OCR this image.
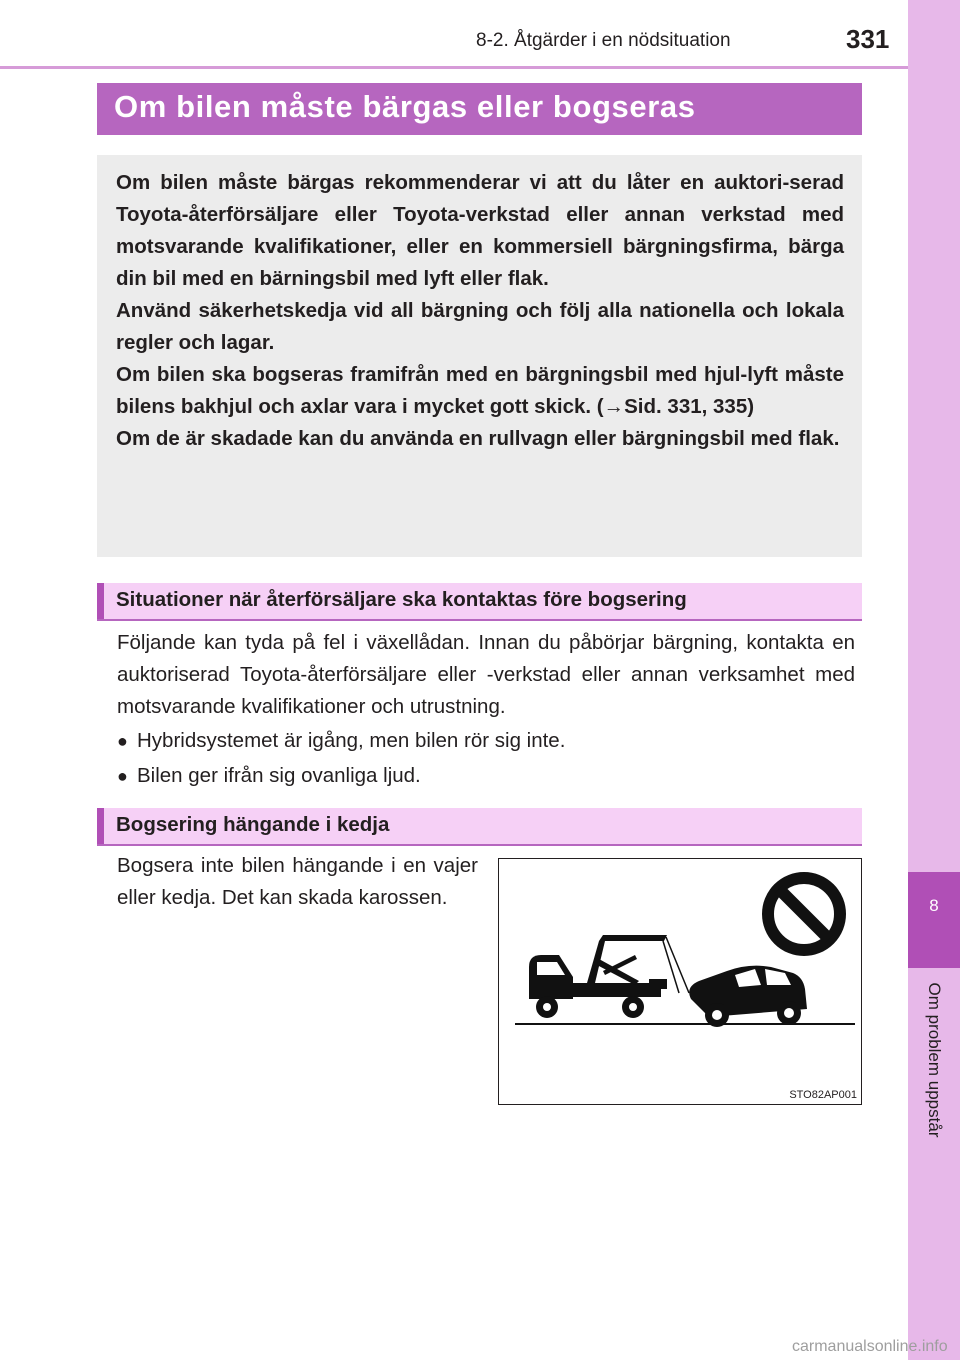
8
Om problem uppstår
8-2. Åtgärder i en nödsituation	331
Om bilen måste bärgas eller bogseras

Om bilen måste bärgas rekommenderar vi att du låter en auktori-serad Toyota-återförsäljare eller Toyota-verkstad eller annan verkstad med motsvarande kvalifikationer, eller en kommersiell bärgningsfirma, bärga din bil med en bärningsbil med lyft eller flak.
Använd säkerhetskedja vid all bärgning och följ alla nationella och lokala regler och lagar.
Om bilen ska bogseras framifrån med en bärgningsbil med hjul-lyft måste bilens bakhjul och axlar vara i mycket gott skick. (→Sid. 331, 335)
Om de är skadade kan du använda en rullvagn eller bärgningsbil med flak.

Situationer när återförsäljare ska kontaktas före bogsering

Följande kan tyda på fel i växellådan. Innan du påbörjar bärgning, kontakta en auktoriserad Toyota-återförsäljare eller -verkstad eller annan verksamhet med motsvarande kvalifikationer och utrustning.

● Hybridsystemet är igång, men bilen rör sig inte.
● Bilen ger ifrån sig ovanliga ljud.
Bogsering hängande i kedja

Bogsera inte bilen hängande i en vajer eller kedja. Det kan skada karossen.

STO82AP001
carmanualsonline.info
